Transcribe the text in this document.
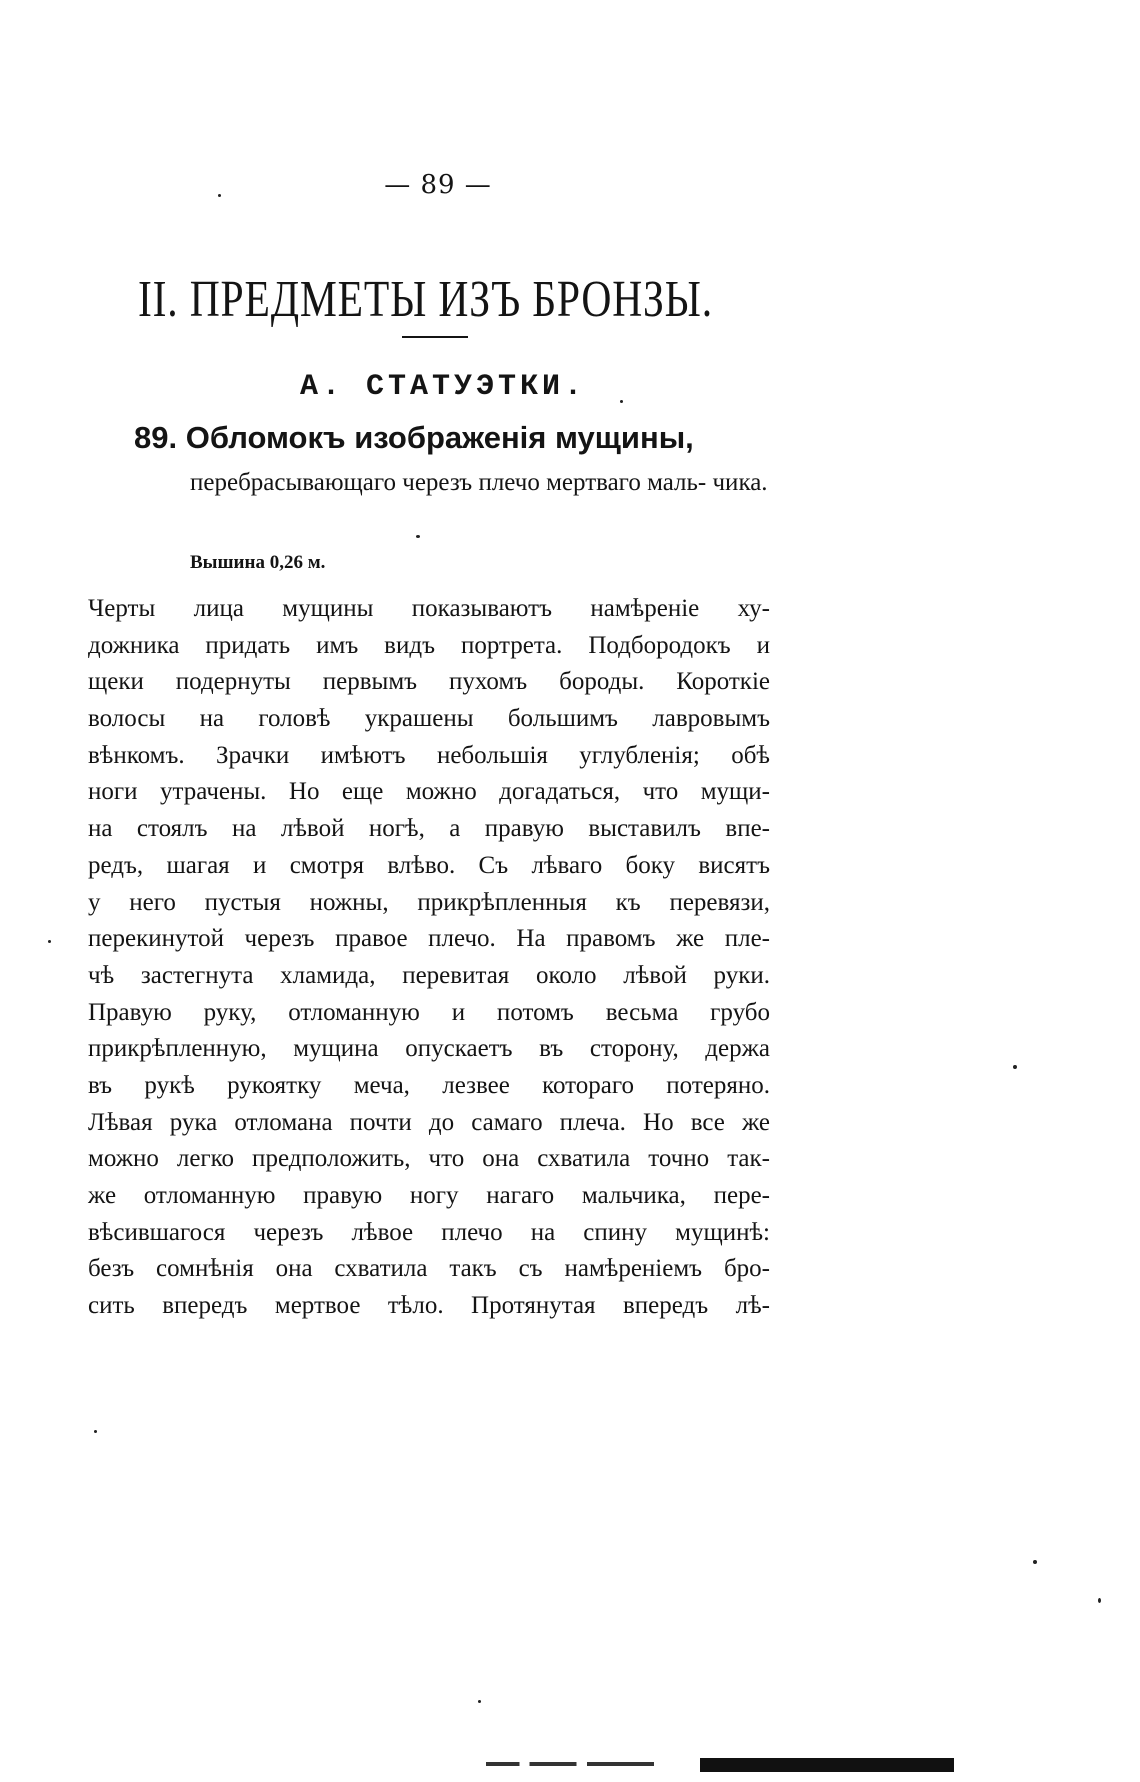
— 89 —
II. ПРЕДМЕТЫ ИЗЪ БРОНЗЫ.
А. СТАТУЭТКИ.
89. Обломокъ изображенія мущины,
перебрасывающаго черезъ плечо мертваго маль- чика.
Вышина 0,26 м.
Черты лица мущины показываютъ намѣреніе ху-
дожника придать имъ видъ портрета. Подбородокъ и
щеки подернуты первымъ пухомъ бороды. Короткіе
волосы на головѣ украшены большимъ лавровымъ
вѣнкомъ. Зрачки имѣютъ небольшія углубленія; обѣ
ноги утрачены. Но еще можно догадаться, что мущи-
на стоялъ на лѣвой ногѣ, а правую выставилъ впе-
редъ, шагая и смотря влѣво. Съ лѣваго боку висятъ
у него пустыя ножны, прикрѣпленныя къ перевязи,
перекинутой черезъ правое плечо. На правомъ же пле-
чѣ застегнута хламида, перевитая около лѣвой руки.
Правую руку, отломанную и потомъ весьма грубо
прикрѣпленную, мущина опускаетъ въ сторону, держа
въ рукѣ рукоятку меча, лезвее котораго потеряно.
Лѣвая рука отломана почти до самаго плеча. Но все же
можно легко предположить, что она схватила точно так-
же отломанную правую ногу нагаго мальчика, пере-
вѣсившагося черезъ лѣвое плечо на спину мущинѣ:
безъ сомнѣнія она схватила такъ съ намѣреніемъ бро-
сить впередъ мертвое тѣло. Протянутая впередъ лѣ-
